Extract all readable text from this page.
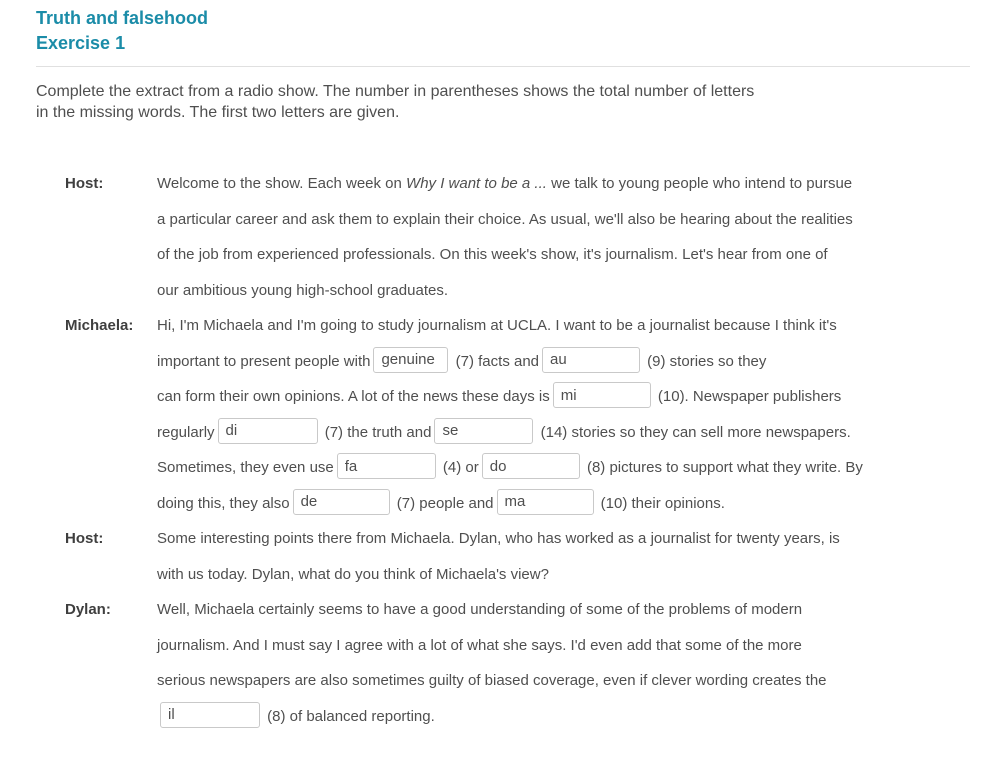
Truth and falsehood
Exercise 1
Complete the extract from a radio show. The number in parentheses shows the total number of letters
in the missing words. The first two letters are given.
Host:	Welcome to the show. Each week on Why I want to be a ... we talk to young people who intend to pursue
a particular career and ask them to explain their choice. As usual, we'll also be hearing about the realities
of the job from experienced professionals. On this week's show, it's journalism. Let's hear from one of
our ambitious young high-school graduates.
Michaela:	Hi, I'm Michaela and I'm going to study journalism at UCLA. I want to be a journalist because I think it's
important to present people withgenuine	(7) facts andau	(9) stories so they
can form their own opinions. A lot of the news these days ismi	(10). Newspaper publishers
regularlydi	(7) the truth andse	(14) stories so they can sell more newspapers.
Sometimes, they even usefa	(4) ordo	(8) pictures to support what they write. By
doing this, they alsode	(7) people andma	(10) their opinions.
Host:	Some interesting points there from Michaela. Dylan, who has worked as a journalist for twenty years, is
with us today. Dylan, what do you think of Michaela's view?
Dylan:	Well, Michaela certainly seems to have a good understanding of some of the problems of modern
journalism. And I must say I agree with a lot of what she says. I'd even add that some of the more
serious newspapers are also sometimes guilty of biased coverage, even if clever wording creates the
il (8) of balanced reporting.
